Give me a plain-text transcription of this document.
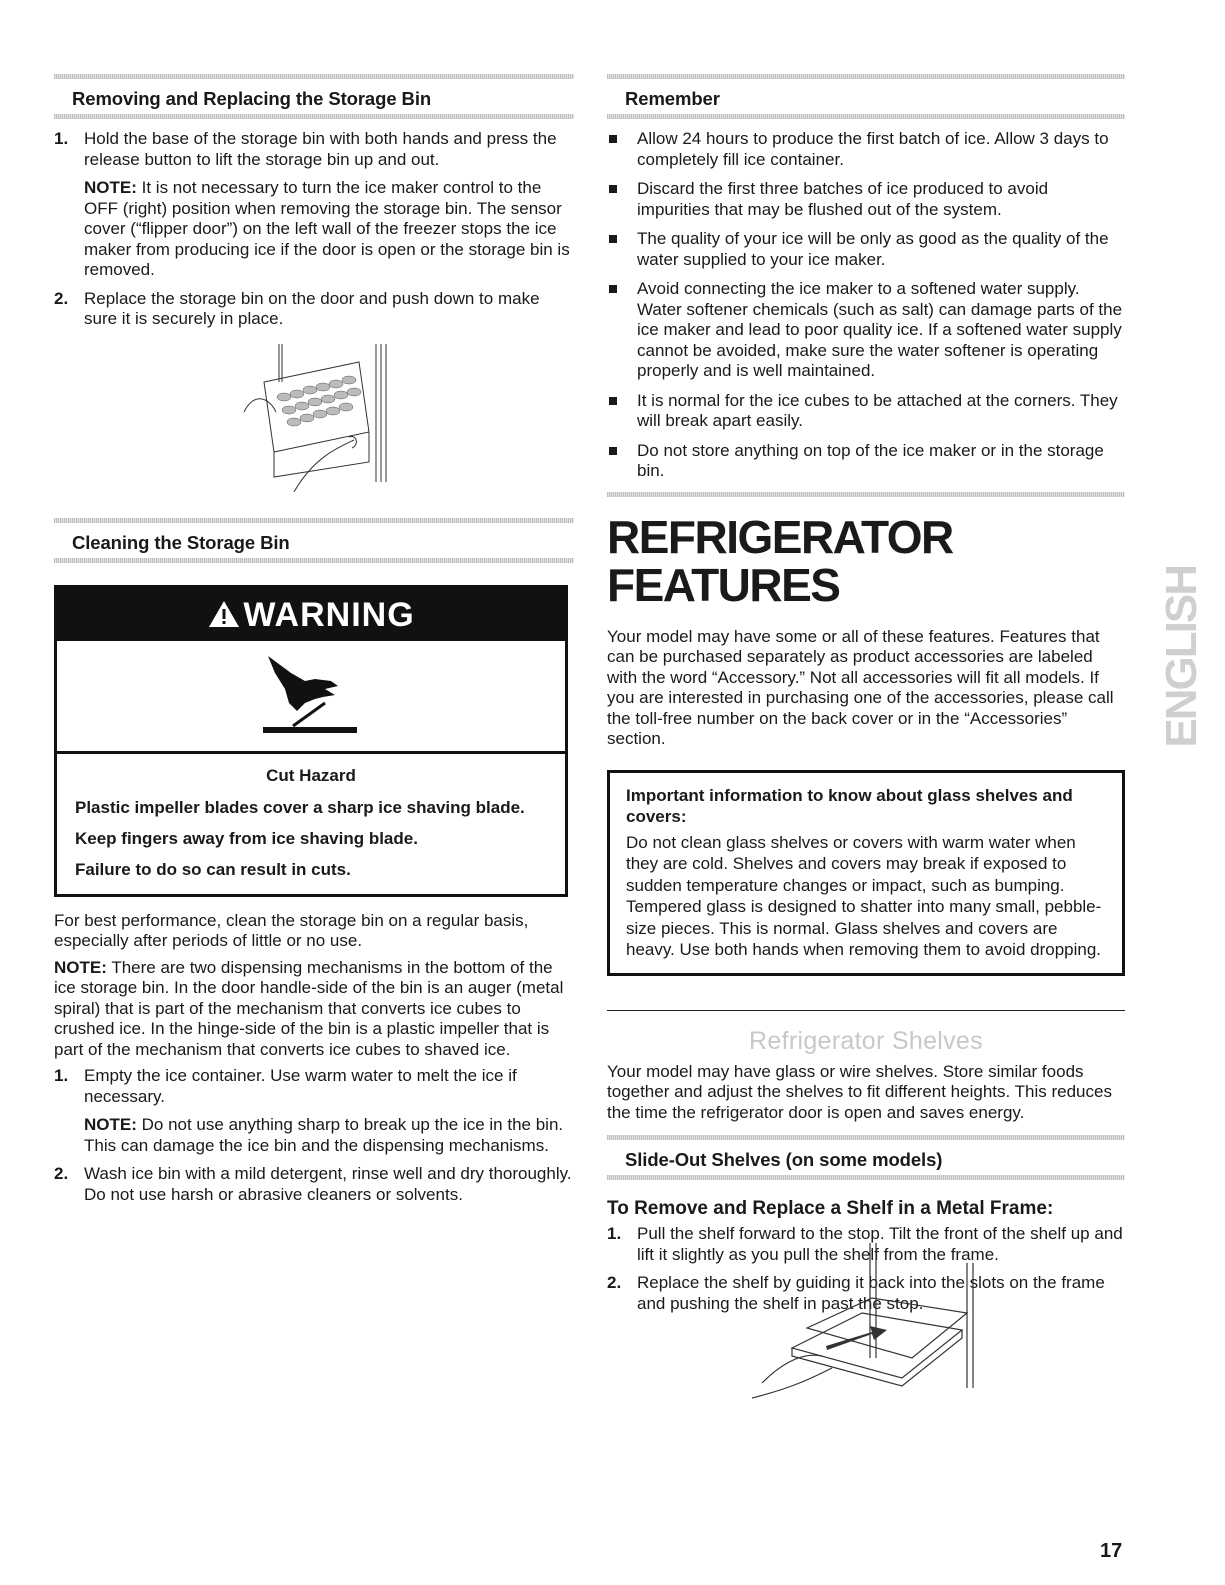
Removing and Replacing the Storage Bin
1. Hold the base of the storage bin with both hands and press the release button to lift the storage bin up and out.

NOTE: It is not necessary to turn the ice maker control to the OFF (right) position when removing the storage bin. The sensor cover (“flipper door”) on the left wall of the freezer stops the ice maker from producing ice if the door is open or the storage bin is removed.

2. Replace the storage bin on the door and push down to make sure it is securely in place.

Cleaning the Storage Bin
WARNING
Cut Hazard
Plastic impeller blades cover a sharp ice shaving blade.
Keep fingers away from ice shaving blade.
Failure to do so can result in cuts.

For best performance, clean the storage bin on a regular basis, especially after periods of little or no use.

NOTE: There are two dispensing mechanisms in the bottom of the ice storage bin. In the door handle-side of the bin is an auger (metal spiral) that is part of the mechanism that converts ice cubes to crushed ice. In the hinge-side of the bin is a plastic impeller that is part of the mechanism that converts ice cubes to shaved ice.

1. Empty the ice container. Use warm water to melt the ice if necessary.

NOTE: Do not use anything sharp to break up the ice in the bin. This can damage the ice bin and the dispensing mechanisms.

2. Wash ice bin with a mild detergent, rinse well and dry thoroughly. Do not use harsh or abrasive cleaners or solvents.

Remember
Allow 24 hours to produce the first batch of ice. Allow 3 days to completely fill ice container.
Discard the first three batches of ice produced to avoid impurities that may be flushed out of the system.
The quality of your ice will be only as good as the quality of the water supplied to your ice maker.
Avoid connecting the ice maker to a softened water supply. Water softener chemicals (such as salt) can damage parts of the ice maker and lead to poor quality ice. If a softened water supply cannot be avoided, make sure the water softener is operating properly and is well maintained.
It is normal for the ice cubes to be attached at the corners. They will break apart easily.
Do not store anything on top of the ice maker or in the storage bin.
REFRIGERATOR FEATURES

Your model may have some or all of these features. Features that can be purchased separately as product accessories are labeled with the word “Accessory.” Not all accessories will fit all models. If you are interested in purchasing one of the accessories, please call the toll-free number on the back cover or in the “Accessories” section.

Important information to know about glass shelves and covers:

Do not clean glass shelves or covers with warm water when they are cold. Shelves and covers may break if exposed to sudden temperature changes or impact, such as bumping. Tempered glass is designed to shatter into many small, pebble-size pieces. This is normal. Glass shelves and covers are heavy. Use both hands when removing them to avoid dropping.

Refrigerator Shelves

Your model may have glass or wire shelves. Store similar foods together and adjust the shelves to fit different heights. This reduces the time the refrigerator door is open and saves energy.

Slide-Out Shelves (on some models)
To Remove and Replace a Shelf in a Metal Frame:
1. Pull the shelf forward to the stop. Tilt the front of the shelf up and lift it slightly as you pull the shelf from the frame.

2. Replace the shelf by guiding it back into the slots on the frame and pushing the shelf in past the stop.

ENGLISH
17
